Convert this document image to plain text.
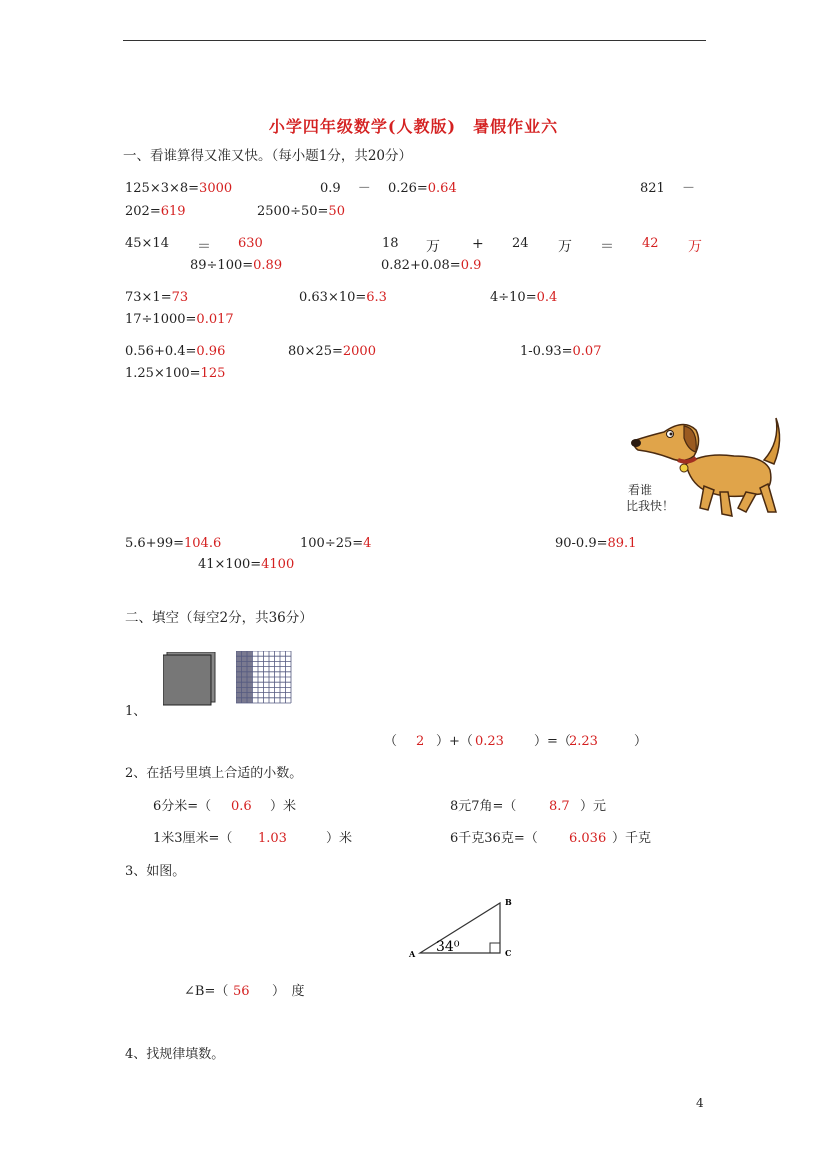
小学四年级数学(人教版)　暑假作业六
一、看谁算得又准又快。（每小题1分，共20分）
125×3×8=3000	0.9　 －　 0.26=0.64	821　 －
202=619	2500÷50=50
45×14 ＝ 630	18 万 + 24 万 ＝ 42 万
89÷100=0.89	0.82+0.08=0.9
73×1=73	0.63×10=6.3	4÷10=0.4
17÷1000=0.017
0.56+0.4=0.96	80×25=2000	1-0.93=0.07
1.25×100=125
看谁
比我快！
5.6+99=104.6	100÷25=4	90-0.9=89.1
41×100=4100
二、填空（每空2分，共36分）
1、
（ 2 ）+（ 0.23 ）=（
2.23	）
2、在括号里填上合适的小数。
6分米=（ 0.6 ）米	8元7角=（	8.7 ）元
1米3厘米=（ 1.03	）米	6千克36克=（ 6.036 ）千克
3、如图。
A
B
C
34⁰
∠B=（ 56 ）　度
4、找规律填数。
4
